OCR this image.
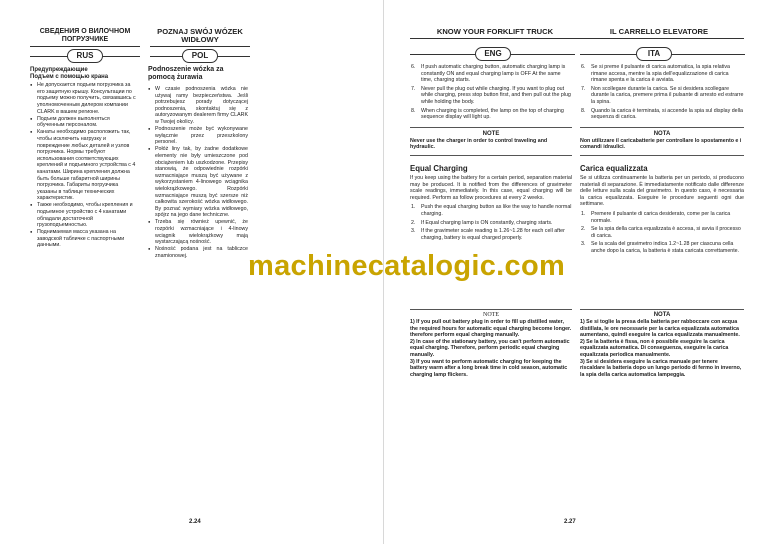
СВЕДЕНИЯ О ВИЛОЧНОМ ПОГРУЗЧИКЕ
POZNAJ SWÓJ WÓZEK WIDŁOWY
RUS	POL
Предупреждающие
Подъем с помощью крана
● Не допускается подъем погрузчика за его защитную крышу. Консультации по подъему можно получить, связавшись с уполномоченным дилером компании CLARK в вашем регионе.
● Подъем должен выполняться обученным персоналом.
● Канаты необходимо расположить так, чтобы исключить нагрузку и повреждение любых деталей и узлов погрузчика. Нормы требуют использования соответствующих креплений и подъемного устройства с 4 канатами. Ширина крепления должна быть больше габаритной ширины погрузчика. Габариты погрузчика указаны в таблице технических характеристик.
● Также необходимо, чтобы крепления и подъемное устройство с 4 канатами обладали достаточной грузоподъемностью.
● Поднимаемая масса указана на заводской табличке с паспортными данными.
Podnoszenie wózka za pomocą żurawia
● W czasie podnoszenia wózka nie używaj ramy bezpieczeństwa. Jeśli potrzebujesz porady dotyczącej podnoszenia, skontaktuj się z autoryzowanym dealerem firmy CLARK w Twojej okolicy.
● Podnoszenie może być wykonywane wyłącznie przez przeszkolony personel.
● Połóż liny tak, by żadne dodatkowe elementy nie były umieszczone pod obciążeniem lub uszkodzone. Przepisy stanowią, że odpowiednie rozpórki wzmacniające muszą być używane z wykorzystaniem 4-linowego wciągnika wielokrążkowego. Rozpórki wzmacniające muszą być szersze niż całkowita szerokość wózka widłowego. By poznać wymiary wózka widłowego, spójrz na jego dane techniczne.
● Trzeba się również upewnić, że rozpórki wzmacniające i 4-linowy wciągnik wielokrążkowy mają wystarczającą nośność.
● Nośność podana jest na tabliczce znamionowej.
2.24
KNOW YOUR FORKLIFT TRUCK	IL CARRELLO ELEVATORE
ENG	ITA
6. If push automatic charging button, automatic charging lamp is constantly ON and equal charging lamp is OFF At the same time, charging starts.
7. Never pull the plug out while charging. If you want to plug out while charging, press stop button first, and then pull out the plug while holding the body.
8. When charging is completed, the lamp on the top of charging sequence display will light up.
NOTE
Never use the charger in order to control traveling and hydraulic.
Equal Charging
If you keep using the battery for a certain period, separation material may be produced. It is notified from the differences of gravimeter scale readings, immediately. In this case, equal charging will be required. Perform as follow procedures at every 2 weeks.
1. Push the equal charging button as like the way to handle normal charging.
2. If Equal charging lamp is ON constantly, charging starts.
3. If the gravimeter scale reading is 1.26~1.28 for each cell after charging, battery is equal charged properly.
6. Se si preme il pulsante di carica automatica, la spia relativa rimane accesa, mentre la spia dell'equalizzazione di carica rimane spenta e la carica è avviata.
7. Non scollegare durante la carica. Se si desidera scollegare durante la carica, premere prima il pulsante di arresto ed estrarre la spina.
8. Quando la carica è terminata, si accende la spia sul display della sequenza di carica.
NOTA
Non utilizzare il caricabatterie per controllare lo spostamento e i comandi idraulici.
Carica equalizzata
Se si utilizza continuamente la batteria per un periodo, si producono materiali di separazione. È immediatamente notificato dalle differenze delle letture sulla scala del gravimetro. In questo caso, è necessaria la carica equalizzata. Eseguire le procedure seguenti ogni due settimane.
1. Premere il pulsante di carica desiderato, come per la carica normale.
2. Se la spia della carica equalizzata è accesa, si avvia il processo di carica.
3. Se la scala del gravimetro indica 1.2~1.28 per ciascuna cella anche dopo la carica, la batteria è stata caricata correttamente.
NOTE
1) If you pull out battery plug in order to fill up distilled water, the required hours for automatic equal charging become longer. therefore perform equal charging manually.
2) In case of the stationary battery, you can't perform automatic equal charging. Therefore, perform periodic equal charging manually.
3) If you want to perform automatic charging for keeping the battery warm after a long break time in cold season, automatic charging lamp flickers.
NOTA
1) Se si toglie la presa della batteria per rabboccare con acqua distillata, le ore necessarie per la carica equalizzata automatica aumentano, quindi eseguire la carica equalizzata manualmente.
2) Se la batteria è fissa, non è possibile eseguire la carica equalizzata automatica. Di conseguenza, eseguire la carica equalizzata periodica manualmente.
3) Se si desidera eseguire la carica manuale per tenere riscaldare la batteria dopo un lungo periodo di fermo in inverno, la spia della carica automatica lampeggia.
2.27
machinecatalogic.com
